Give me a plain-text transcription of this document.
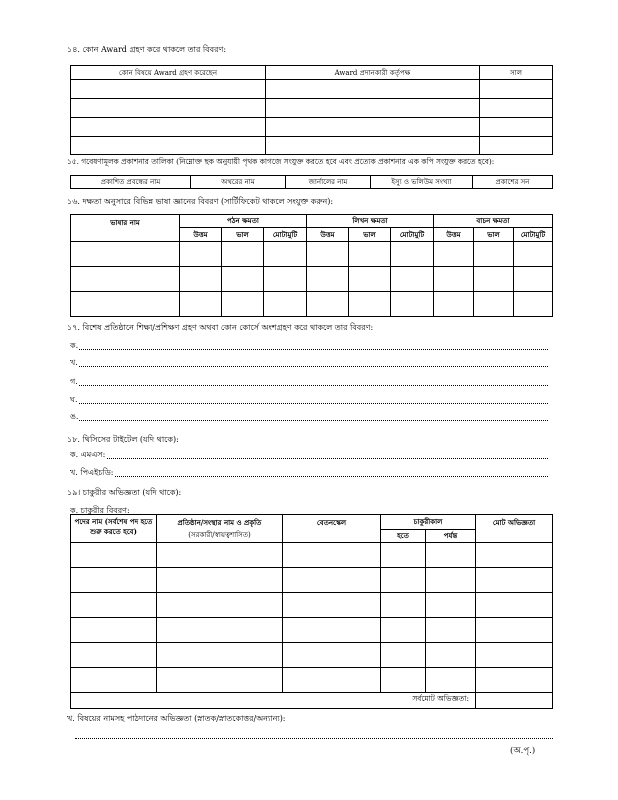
১৪. কোন Award গ্রহণ করে থাকলে তার বিবরণ:
কোন বিষয়ে Award গ্রহণ করেছেন	Award প্রদানকারী কর্তৃপক্ষ	সাল

১৫. গবেষণামূলক প্রকাশনার তালিকা (নিম্নোক্ত ছক অনুযায়ী পৃথক কাগজে সংযুক্ত করতে হবে এবং প্রত্যেক প্রকাশনার এক কপি সংযুক্ত করতে হবে):
প্রকাশিত প্রবন্ধের নাম	অথরের নাম	জার্নালের নাম	ইস্যু ও ভলিউম সংখ্যা	প্রকাশের সন
১৬. দক্ষতা অনুসারে বিভিন্ন ভাষা জ্ঞানের বিবরণ (সার্টিফিকেট থাকলে সংযুক্ত করুন):
ভাষার নাম	পঠন ক্ষমতা			লিখন ক্ষমতা			বাচন ক্ষমতা		
	উত্তম	ভাল	মোটামুটি	উত্তম	ভাল	মোটামুটি	উত্তম	ভাল	মোটামুটি

১৭. বিশেষ প্রতিষ্ঠানে শিক্ষা/প্রশিক্ষণ গ্রহণ অথবা কোন কোর্সে অংশগ্রহণ করে থাকলে তার বিবরণ:
ক.
খ.
গ.
ঘ.
ঙ.
১৮. থিসিসের টাইটেল (যদি থাকে):
ক. এমএস:
খ. পিএইচডি:
১৯। চাকুরীর অভিজ্ঞতা (যদি থাকে):
ক. চাকুরীর বিবরণ:
পদের নাম (সর্বশেষ পদ হতে শুরু করতে হবে)	প্রতিষ্ঠান/সংস্থার নাম ও প্রকৃতি	বেতনস্কেল	চাকুরীকাল		মোট অভিজ্ঞতা
	(সরকারী/স্বায়ত্বশাসিত)		হতে	পর্যন্ত	

সর্বমোট অভিজ্ঞতা:					
খ. বিষয়ের নামসহ পাঠদানের অভিজ্ঞতা (স্নাতক/স্নাতকোত্তর/অন্যান্য):
(অ.পৃ.)
